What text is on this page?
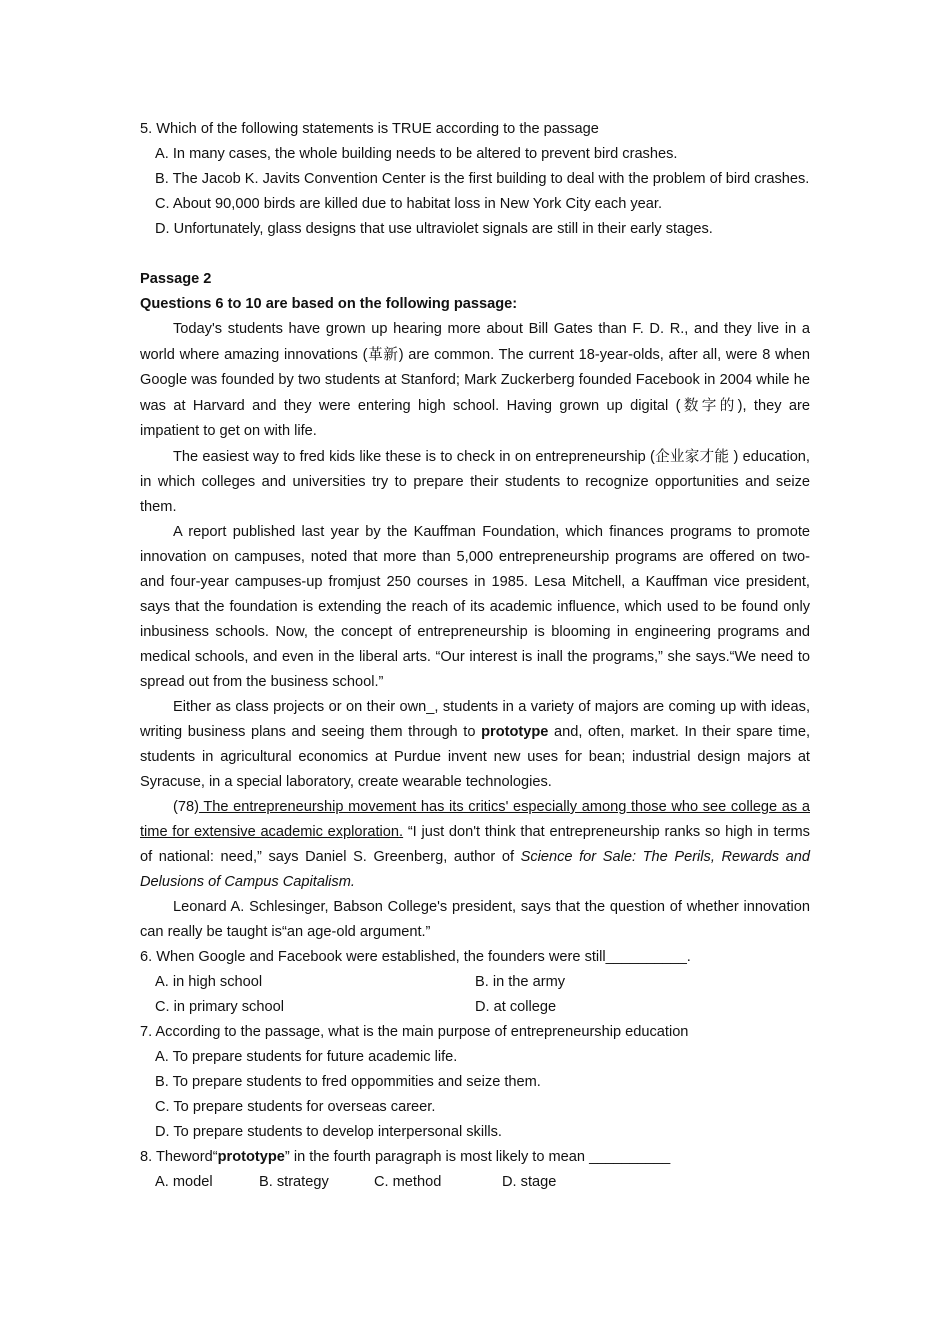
5. Which of the following statements is TRUE according to the passage
A. In many cases, the whole building needs to be altered to prevent bird crashes.
B. The Jacob K. Javits Convention Center is the first building to deal with the problem of bird crashes.
C. About 90,000 birds are killed due to habitat loss in New York City each year.
D. Unfortunately, glass designs that use ultraviolet signals are still in their early stages.
Passage 2
Questions 6 to 10 are based on the following passage:
Today's students have grown up hearing more about Bill Gates than F. D. R., and they live in a world where amazing innovations (革新) are common. The current 18-year-olds, after all, were 8 when Google was founded by two students at Stanford; Mark Zuckerberg founded Facebook in 2004 while he was at Harvard and they were entering high school. Having grown up digital (数字的), they are impatient to get on with life.
The easiest way to fred kids like these is to check in on entrepreneurship (企业家才能 ) education, in which colleges and universities try to prepare their students to recognize opportunities and seize them.
A report published last year by the Kauffman Foundation, which finances programs to promote innovation on campuses, noted that more than 5,000 entrepreneurship programs are offered on two- and four-year campuses-up fromjust 250 courses in 1985. Lesa Mitchell, a Kauffman vice president, says that the foundation is extending the reach of its academic influence, which used to be found only inbusiness schools. Now, the concept of entrepreneurship is blooming in engineering programs and medical schools, and even in the liberal arts. “Our interest is inall the programs,” she says.“We need to spread out from the business school.”
Either as class projects or on their own_, students in a variety of majors are coming up with ideas, writing business plans and seeing them through to prototype and, often, market. In their spare time, students in agricultural economics at Purdue invent new uses for bean; industrial design majors at Syracuse, in a special laboratory, create wearable technologies.
(78) The entrepreneurship movement has its critics' especially among those who see college as a time for extensive academic exploration. “I just don't think that entrepreneurship ranks so high in terms of national: need,” says Daniel S. Greenberg, author of Science for Sale: The Perils, Rewards and Delusions of Campus Capitalism.
Leonard A. Schlesinger, Babson College's president, says that the question of whether innovation can really be taught is“an age-old argument.”
6. When Google and Facebook were established, the founders were still__________.
A. in high school	B. in the army
C. in primary school	D. at college
7. According to the passage, what is the main purpose of entrepreneurship education
A. To prepare students for future academic life.
B. To prepare students to fred oppommities and seize them.
C. To prepare students for overseas career.
D. To prepare students to develop interpersonal skills.
8. Theword“prototype” in the fourth paragraph is most likely to mean __________
A. model	B. strategy	C. method	D. stage
